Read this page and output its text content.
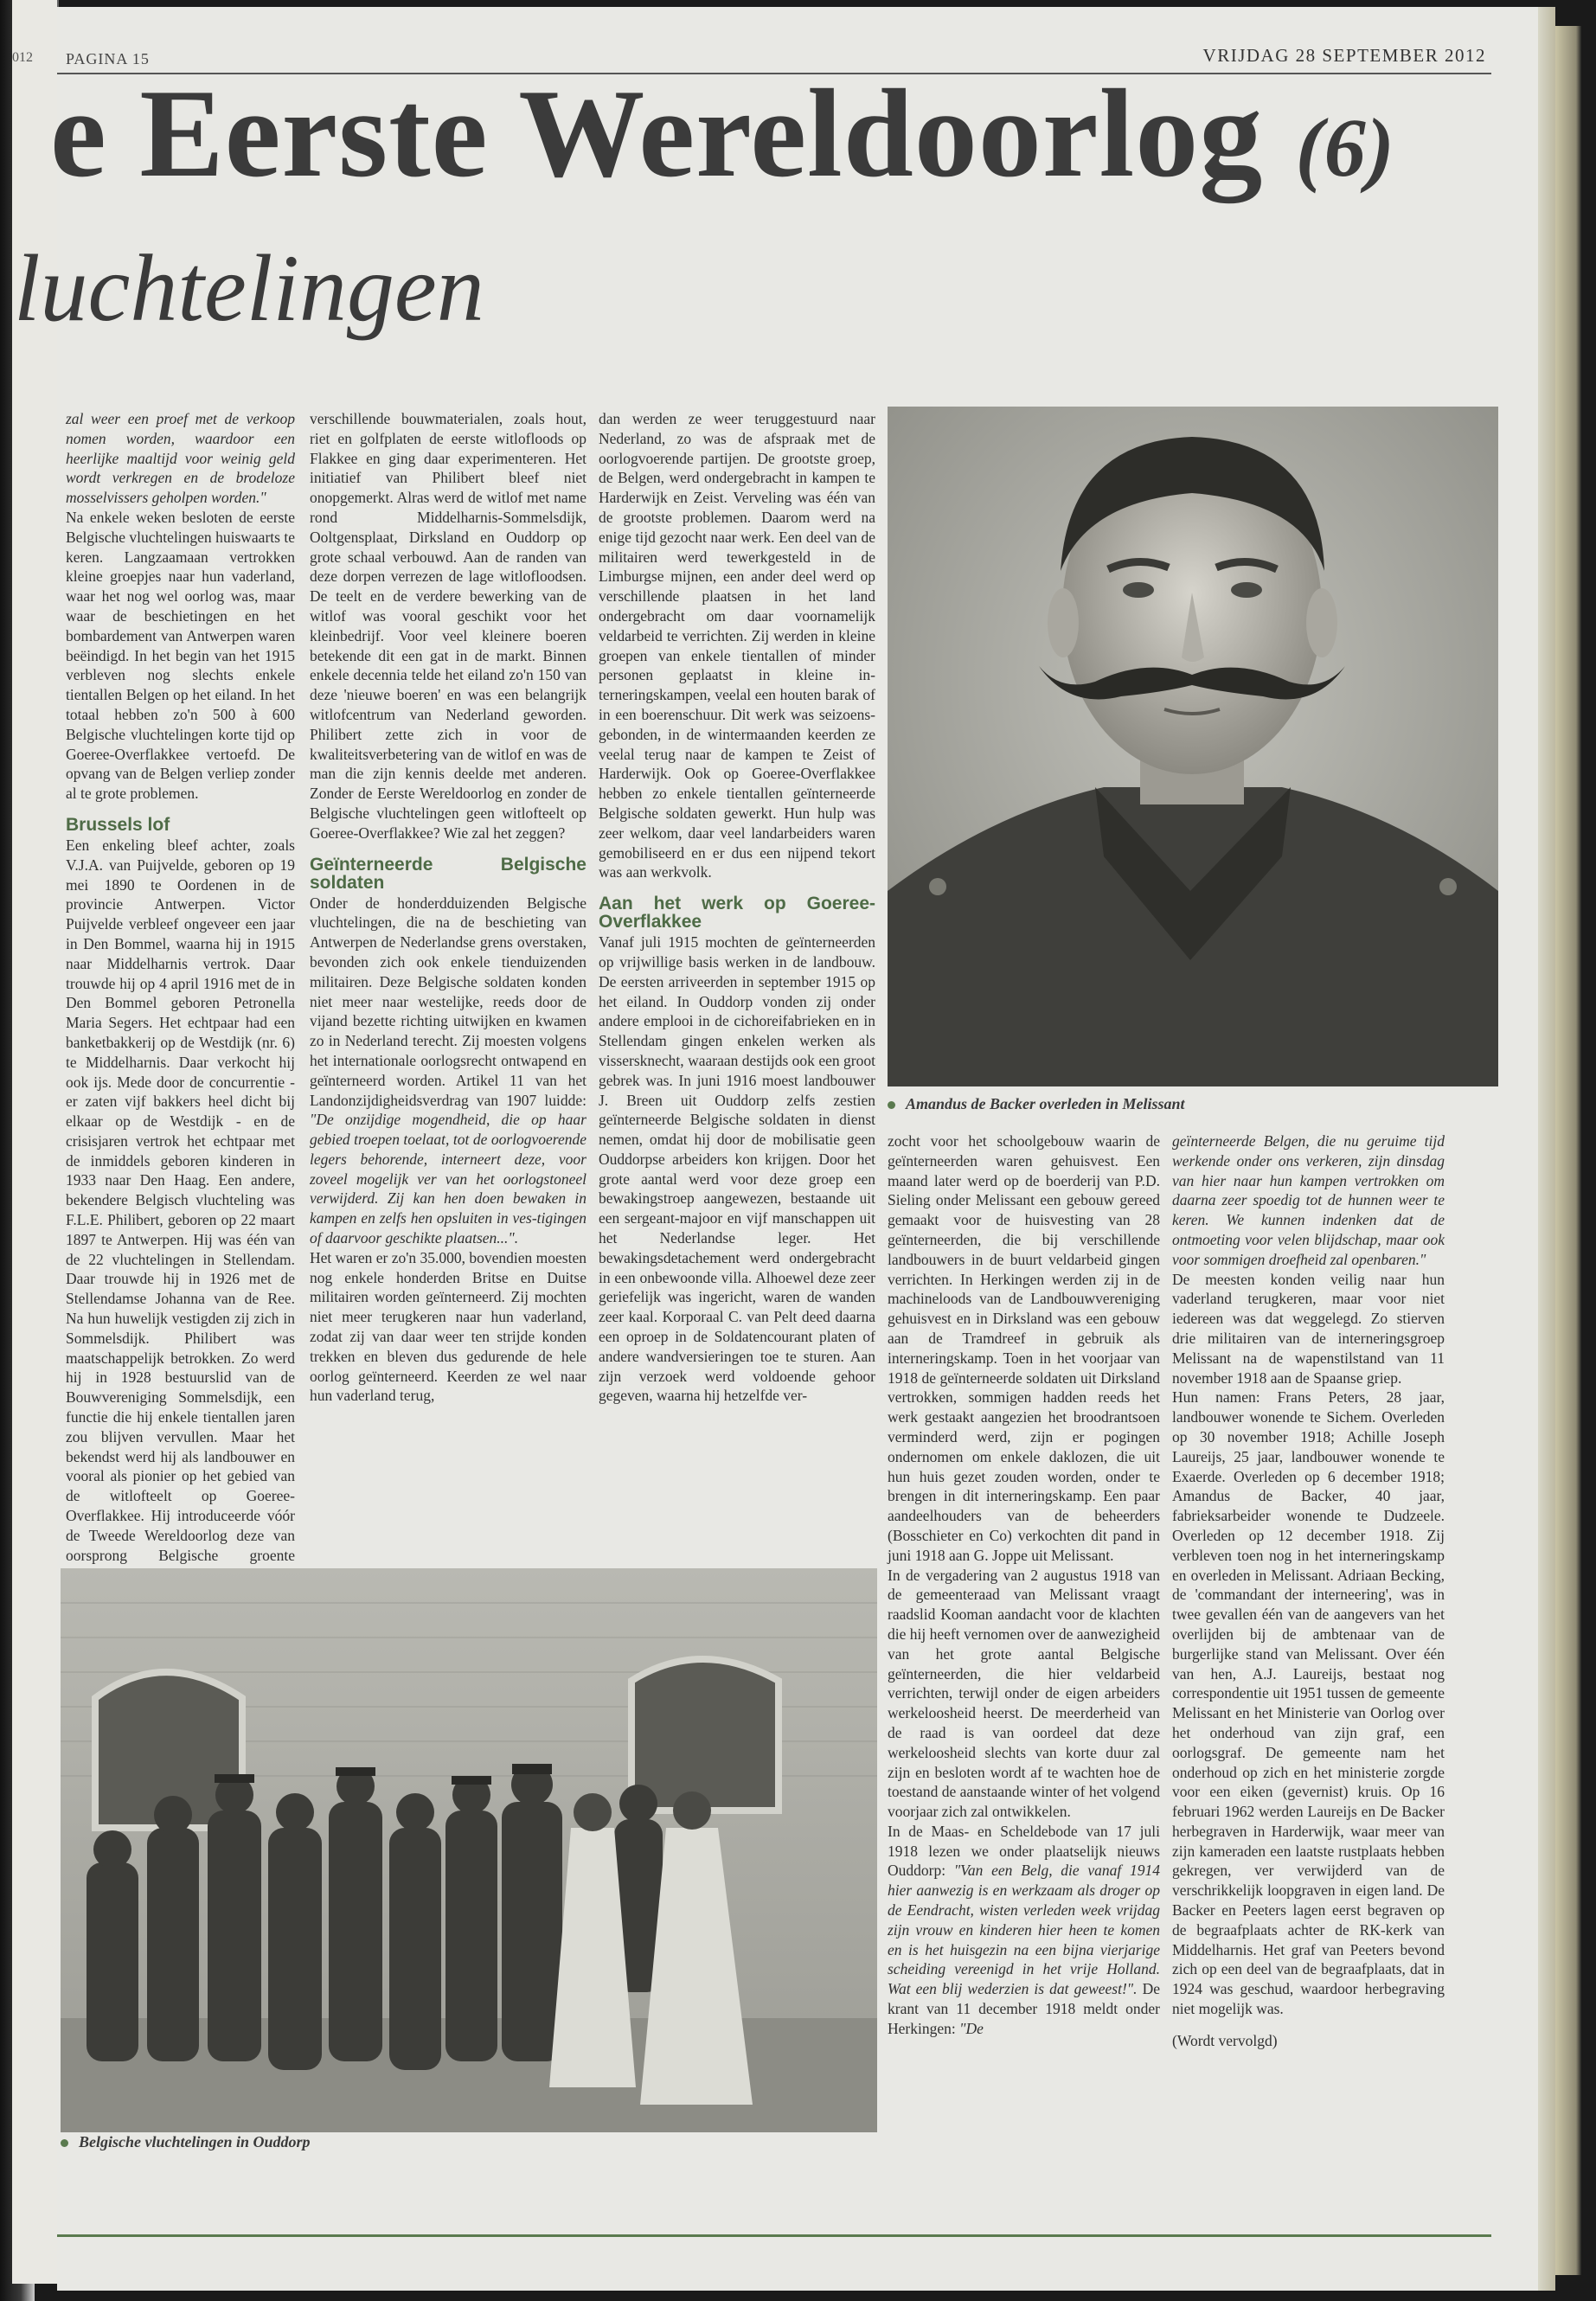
012 PAGINA 15	VRIJDAG 28 SEPTEMBER 2012
e Eerste Wereldoorlog (6)
luchtelingen

zal weer een proef met de verkoop nomen worden, waardoor een heerlijke maaltijd voor weinig geld wordt verkregen en de brodeloze mosselvissers geholpen worden."

Na enkele weken besloten de eerste Belgische vluchtelingen huiswaarts te keren. Langzaamaan vertrokken kleine groepjes naar hun vaderland, waar het nog wel oorlog was, maar waar de beschietingen en het bombardement van Antwerpen waren beëindigd. In het begin van het 1915 verbleven nog slechts enkele tientallen Belgen op het eiland. In het totaal hebben zo'n 500 à 600 Belgische vluchtelingen korte tijd op Goeree-Overflakkee vertoefd. De opvang van de Belgen verliep zonder al te grote problemen.

Brussels lof

Een enkeling bleef achter, zoals V.J.A. van Puijvelde, geboren op 19 mei 1890 te Oordenen in de provincie Antwerpen. Victor Puijvelde verbleef ongeveer een jaar in Den Bommel, waarna hij in 1915 naar Middelharnis vertrok. Daar trouwde hij op 4 april 1916 met de in Den Bommel geboren Petronella Maria Segers. Het echtpaar had een banketbakkerij op de Westdijk (nr. 6) te Middelharnis. Daar verkocht hij ook ijs. Mede door de concurrentie - er zaten vijf bakkers heel dicht bij elkaar op de Westdijk - en de crisisjaren vertrok het echtpaar met de inmiddels geboren kinderen in 1933 naar Den Haag. Een andere, bekendere Belgisch vluchteling was F.L.E. Philibert, geboren op 22 maart 1897 te Antwerpen. Hij was één van de 22 vluchtelingen in Stellendam. Daar trouwde hij in 1926 met de Stellendamse Johanna van de Ree. Na hun huwelijk vestigden zij zich in Sommelsdijk. Philibert was maatschappelijk betrokken. Zo werd hij in 1928 bestuurslid van de Bouwvereniging Sommelsdijk, een functie die hij enkele tientallen jaren zou blijven vervullen. Maar het bekendst werd hij als landbouwer en vooral als pionier op het gebied van de witlofteelt op Goeree-Overflakkee. Hij introduceerde vóór de Tweede Wereldoorlog deze van oorsprong Belgische groente

verschillende bouwmaterialen, zoals hout, riet en golfplaten de eerste witlofloods op Flakkee en ging daar experimenteren. Het initiatief van Philibert bleef niet onopgemerkt. Alras werd de witlof met name rond Middelharnis-Sommelsdijk, Ooltgensplaat, Dirksland en Ouddorp op grote schaal verbouwd. Aan de randen van deze dorpen verrezen de lage witlofloodsen. De teelt en de verdere bewerking van de witlof was vooral geschikt voor het kleinbedrijf. Voor veel kleinere boeren betekende dit een gat in de markt. Binnen enkele decennia telde het eiland zo'n 150 van deze 'nieuwe boeren' en was een belangrijk witlofcentrum van Nederland geworden. Philibert zette zich in voor de kwaliteitsverbetering van de witlof en was de man die zijn kennis deelde met anderen. Zonder de Eerste Wereldoorlog en zonder de Belgische vluchtelingen geen witlofteelt op Goeree-Overflakkee? Wie zal het zeggen?

Geïnterneerde Belgische soldaten

Onder de honderdduizenden Belgische vluchtelingen, die na de beschieting van Antwerpen de Nederlandse grens overstaken, bevonden zich ook enkele tienduizenden militairen. Deze Belgische soldaten konden niet meer naar westelijke, reeds door de vijand bezette richting uitwijken en kwamen zo in Nederland terecht. Zij moesten volgens het internationale oorlogsrecht ontwapend en geïnterneerd worden. Artikel 11 van het Landonzijdigheidsverdrag van 1907 luidde: "De onzijdige mogendheid, die op haar gebied troepen toelaat, tot de oorlogvoerende legers behorende, interneert deze, voor zoveel mogelijk ver van het oorlogstoneel verwijderd. Zij kan hen doen bewaken in kampen en zelfs hen opsluiten in ves-tigingen of daarvoor geschikte plaatsen...".

Het waren er zo'n 35.000, bovendien moesten nog enkele honderden Britse en Duitse militairen worden geïnterneerd. Zij mochten niet meer terugkeren naar hun vaderland, zodat zij van daar weer ten strijde konden trekken en bleven dus gedurende de hele oorlog geïnterneerd. Keerden ze wel naar hun vaderland terug,

dan werden ze weer teruggestuurd naar Nederland, zo was de afspraak met de oorlogvoerende partijen. De grootste groep, de Belgen, werd ondergebracht in kampen te Harderwijk en Zeist. Verveling was één van de grootste problemen. Daarom werd na enige tijd gezocht naar werk. Een deel van de militairen werd tewerkgesteld in de Limburgse mijnen, een ander deel werd op verschillende plaatsen in het land ondergebracht om daar voornamelijk veldarbeid te verrichten. Zij werden in kleine groepen van enkele tientallen of minder personen geplaatst in kleine in-terneringskampen, veelal een houten barak of in een boerenschuur. Dit werk was seizoens-gebonden, in de wintermaanden keerden ze veelal terug naar de kampen te Zeist of Harderwijk. Ook op Goeree-Overflakkee hebben zo enkele tientallen geïnterneerde Belgische soldaten gewerkt. Hun hulp was zeer welkom, daar veel landarbeiders waren gemobiliseerd en er dus een nijpend tekort was aan werkvolk.

Aan het werk op Goeree-Overflakkee

Vanaf juli 1915 mochten de geïnterneerden op vrijwillige basis werken in de landbouw. De eersten arriveerden in september 1915 op het eiland. In Ouddorp vonden zij onder andere emplooi in de cichoreifabrieken en in Stellendam gingen enkelen werken als vissersknecht, waaraan destijds ook een groot gebrek was. In juni 1916 moest landbouwer J. Breen uit Ouddorp zelfs zestien geïnterneerde Belgische soldaten in dienst nemen, omdat hij door de mobilisatie geen Ouddorpse arbeiders kon krijgen. Door het grote aantal werd voor deze groep een bewakingstroep aangewezen, bestaande uit een sergeant-majoor en vijf manschappen uit het Nederlandse leger. Het bewakingsdetachement werd ondergebracht in een onbewoonde villa. Alhoewel deze zeer geriefelijk was ingericht, waren de wanden zeer kaal. Korporaal C. van Pelt deed daarna een oproep in de Soldatencourant platen of andere wandversieringen toe te sturen. Aan zijn verzoek werd voldoende gehoor gegeven, waarna hij hetzelfde ver-

Amandus de Backer overleden in Melissant

zocht voor het schoolgebouw waarin de geïnterneerden waren gehuisvest. Een maand later werd op de boerderij van P.D. Sieling onder Melissant een gebouw gereed gemaakt voor de huisvesting van 28 geïnterneerden, die bij verschillende landbouwers in de buurt veldarbeid gingen verrichten. In Herkingen werden zij in de machineloods van de Landbouwvereniging gehuisvest en in Dirksland was een gebouw aan de Tramdreef in gebruik als interneringskamp. Toen in het voorjaar van 1918 de geïnterneerde soldaten uit Dirksland vertrokken, sommigen hadden reeds het werk gestaakt aangezien het broodrantsoen verminderd werd, zijn er pogingen ondernomen om enkele daklozen, die uit hun huis gezet zouden worden, onder te brengen in dit interneringskamp. Een paar aandeelhouders van de beheerders (Bosschieter en Co) verkochten dit pand in juni 1918 aan G. Joppe uit Melissant.

In de vergadering van 2 augustus 1918 van de gemeenteraad van Melissant vraagt raadslid Kooman aandacht voor de klachten die hij heeft vernomen over de aanwezigheid van het grote aantal Belgische geïnterneerden, die hier veldarbeid verrichten, terwijl onder de eigen arbeiders werkeloosheid heerst. De meerderheid van de raad is van oordeel dat deze werkeloosheid slechts van korte duur zal zijn en besloten wordt af te wachten hoe de toestand de aanstaande winter of het volgend voorjaar zich zal ontwikkelen.

In de Maas- en Scheldebode van 17 juli 1918 lezen we onder plaatselijk nieuws Ouddorp: "Van een Belg, die vanaf 1914 hier aanwezig is en werkzaam als droger op de Eendracht, wisten verleden week vrijdag zijn vrouw en kinderen hier heen te komen en is het huisgezin na een bijna vierjarige scheiding vereenigd in het vrije Holland. Wat een blij wederzien is dat geweest!". De krant van 11 december 1918 meldt onder Herkingen: "De

geïnterneerde Belgen, die nu geruime tijd werkende onder ons verkeren, zijn dinsdag van hier naar hun kampen vertrokken om daarna zeer spoedig tot de hunnen weer te keren. We kunnen indenken dat de ontmoeting voor velen blijdschap, maar ook voor sommigen droefheid zal openbaren."

De meesten konden veilig naar hun vaderland terugkeren, maar voor niet iedereen was dat weggelegd. Zo stierven drie militairen van de interneringsgroep Melissant na de wapenstilstand van 11 november 1918 aan de Spaanse griep.

Hun namen: Frans Peters, 28 jaar, landbouwer wonende te Sichem. Overleden op 30 november 1918; Achille Joseph Laureijs, 25 jaar, landbouwer wonende te Exaerde. Overleden op 6 december 1918; Amandus de Backer, 40 jaar, fabrieksarbeider wonende te Dudzeele. Overleden op 12 december 1918. Zij verbleven toen nog in het interneringskamp en overleden in Melissant. Adriaan Becking, de 'commandant der interneering', was in twee gevallen één van de aangevers van het overlijden bij de ambtenaar van de burgerlijke stand van Melissant. Over één van hen, A.J. Laureijs, bestaat nog correspondentie uit 1951 tussen de gemeente Melissant en het Ministerie van Oorlog over het onderhoud van zijn graf, een oorlogsgraf. De gemeente nam het onderhoud op zich en het ministerie zorgde voor een eiken (gevernist) kruis. Op 16 februari 1962 werden Laureijs en De Backer herbegraven in Harderwijk, waar meer van zijn kameraden een laatste rustplaats hebben gekregen, ver verwijderd van de verschrikkelijk loopgraven in eigen land. De Backer en Peeters lagen eerst begraven op de begraafplaats achter de RK-kerk van Middelharnis. Het graf van Peeters bevond zich op een deel van de begraafplaats, dat in 1924 was geschud, waardoor herbegraving niet mogelijk was.

(Wordt vervolgd)

Belgische vluchtelingen in Ouddorp
